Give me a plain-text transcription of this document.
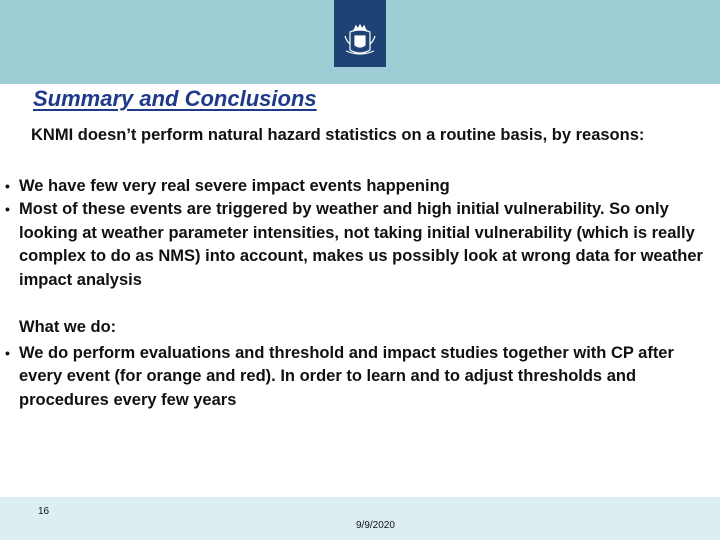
Summary and Conclusions
KNMI doesn’t perform natural hazard statistics on a routine basis, by reasons:
• We have few very real severe impact events happening
• Most of these events are triggered by weather and high initial vulnerability. So only looking at weather parameter intensities, not taking initial vulnerability (which is really complex to do as NMS) into account, makes us possibly look at wrong data for weather impact analysis
What we do:
• We do perform evaluations and threshold and impact studies together with CP after every event (for orange and red). In order to learn and to adjust thresholds and procedures every few years
16
9/9/2020
